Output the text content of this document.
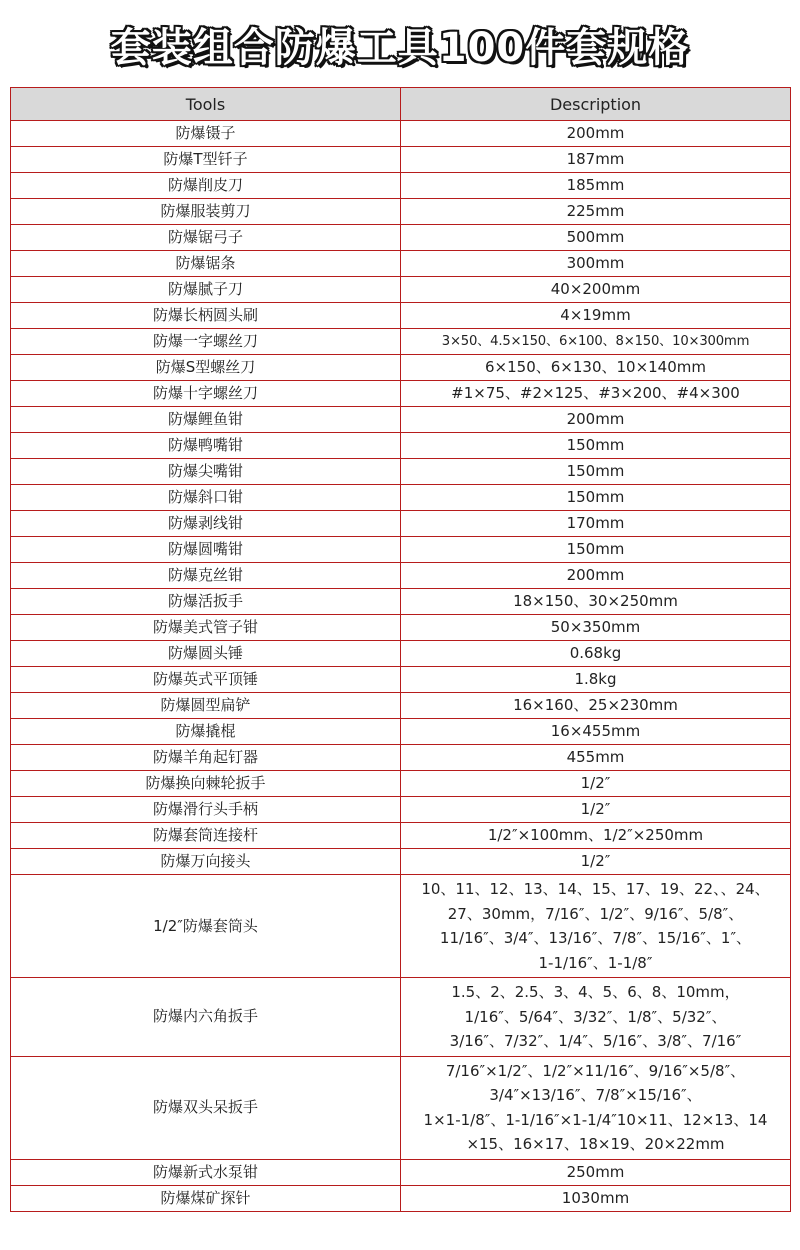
套装组合防爆工具100件套规格
Tools	Description
防爆镊子	200mm
防爆T型钎子	187mm
防爆削皮刀	185mm
防爆服装剪刀	225mm
防爆锯弓子	500mm
防爆锯条	300mm
防爆腻子刀	40×200mm
防爆长柄圆头刷	4×19mm
防爆一字螺丝刀	3×50、4.5×150、6×100、8×150、10×300mm
防爆S型螺丝刀	6×150、6×130、10×140mm
防爆十字螺丝刀	#1×75、#2×125、#3×200、#4×300
防爆鲤鱼钳	200mm
防爆鸭嘴钳	150mm
防爆尖嘴钳	150mm
防爆斜口钳	150mm
防爆剥线钳	170mm
防爆圆嘴钳	150mm
防爆克丝钳	200mm
防爆活扳手	18×150、30×250mm
防爆美式管子钳	50×350mm
防爆圆头锤	0.68kg
防爆英式平顶锤	1.8kg
防爆圆型扁铲	16×160、25×230mm
防爆撬棍	16×455mm
防爆羊角起钉器	455mm
防爆换向棘轮扳手	1/2″
防爆滑行头手柄	1/2″
防爆套筒连接杆	1/2″×100mm、1/2″×250mm
防爆万向接头	1/2″
1/2″防爆套筒头	10、11、12、13、14、15、17、19、22、、24、
27、30mm，7/16″、1/2″、9/16″、5/8″、
11/16″、3/4″、13/16″、7/8″、15/16″、1″、
1-1/16″、1-1/8″

防爆内六角扳手	1.5、2、2.5、3、4、5、6、8、10mm，
1/16″、5/64″、3/32″、1/8″、5/32″、
3/16″、7/32″、1/4″、5/16″、3/8″、7/16″

防爆双头呆扳手	7/16″×1/2″、1/2″×11/16″、9/16″×5/8″、
3/4″×13/16″、7/8″×15/16″、
1×1-1/8″、1-1/16″×1-1/4″10×11、12×13、14
×15、16×17、18×19、20×22mm

防爆新式水泵钳	250mm
防爆煤矿探针	1030mm
